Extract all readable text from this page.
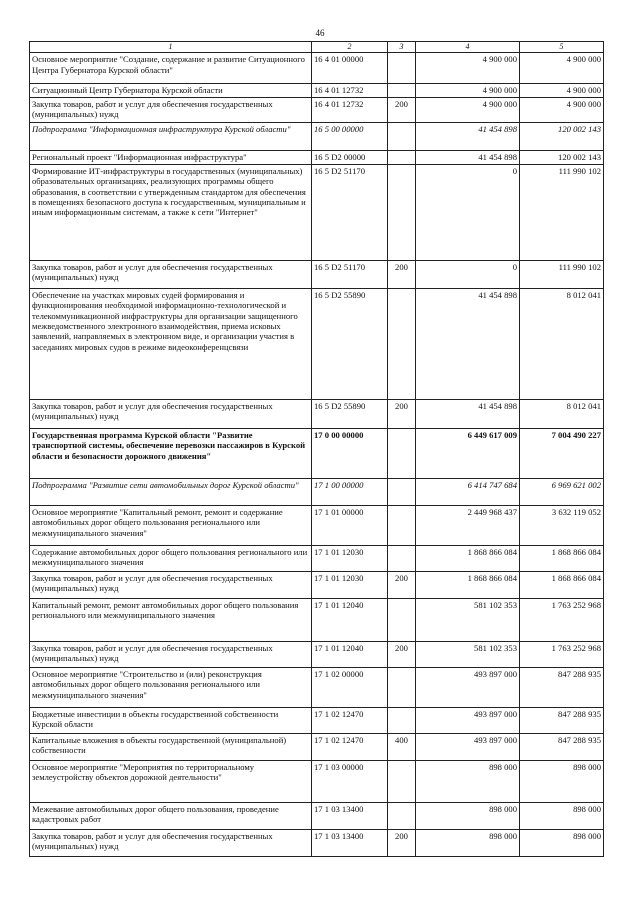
46
1	2	3	4	5
Основное мероприятие "Создание, содержание и развитие Ситуационного Центра Губернатора Курской области"	16 4 01 00000		4 900 000	4 900 000
Ситуационный Центр Губернатора Курской области	16 4 01 12732		4 900 000	4 900 000
Закупка товаров, работ и услуг для обеспечения государственных (муниципальных) нужд	16 4 01 12732	200	4 900 000	4 900 000
Подпрограмма "Информационная инфраструктура Курской области"	16 5 00 00000		41 454 898	120 002 143
Региональный проект "Информационная инфраструктура"	16 5 D2 00000		41 454 898	120 002 143
Формирование ИТ-инфраструктуры в государственных (муниципальных) образовательных организациях, реализующих программы общего образования, в соответствии с утвержденным стандартом для обеспечения в помещениях безопасного доступа к государственным, муниципальным и иным информационным системам, а также к сети "Интернет"	16 5 D2 51170		0	111 990 102
Закупка товаров, работ и услуг для обеспечения государственных (муниципальных) нужд	16 5 D2 51170	200	0	111 990 102
Обеспечение на участках мировых судей формирования и функционирования необходимой информационно-технологической и телекоммуникационной инфраструктуры для организации защищенного межведомственного электронного взаимодействия, приема исковых заявлений, направляемых в электронном виде, и организации участия в заседаниях мировых судов в режиме видеоконференцсвязи	16 5 D2 55890		41 454 898	8 012 041
Закупка товаров, работ и услуг для обеспечения государственных (муниципальных) нужд	16 5 D2 55890	200	41 454 898	8 012 041
Государственная программа Курской области "Развитие транспортной системы, обеспечение перевозки пассажиров в Курской области и безопасности дорожного движения"	17 0 00 00000		6 449 617 009	7 004 490 227
Подпрограмма "Развитие сети автомобильных дорог Курской области"	17 1 00 00000		6 414 747 684	6 969 621 002
Основное мероприятие "Капитальный ремонт, ремонт и содержание автомобильных дорог общего пользования регионального или межмуниципального значения"	17 1 01 00000		2 449 968 437	3 632 119 052
Содержание автомобильных дорог общего пользования регионального или межмуниципального значения	17 1 01 12030		1 868 866 084	1 868 866 084
Закупка товаров, работ и услуг для обеспечения государственных (муниципальных) нужд	17 1 01 12030	200	1 868 866 084	1 868 866 084
Капитальный ремонт, ремонт автомобильных дорог общего пользования регионального или межмуниципального значения	17 1 01 12040		581 102 353	1 763 252 968
Закупка товаров, работ и услуг для обеспечения государственных (муниципальных) нужд	17 1 01 12040	200	581 102 353	1 763 252 968
Основное мероприятие "Строительство и (или) реконструкция автомобильных дорог общего пользования регионального или межмуниципального значения"	17 1 02 00000		493 897 000	847 288 935
Бюджетные инвестиции в объекты государственной собственности Курской области	17 1 02 12470		493 897 000	847 288 935
Капитальные вложения в объекты государственной (муниципальной) собственности	17 1 02 12470	400	493 897 000	847 288 935
Основное мероприятие "Мероприятия по территориальному землеустройству объектов дорожной деятельности"	17 1 03 00000		898 000	898 000
Межевание автомобильных дорог общего пользования, проведение кадастровых работ	17 1 03 13400		898 000	898 000
Закупка товаров, работ и услуг для обеспечения государственных (муниципальных) нужд	17 1 03 13400	200	898 000	898 000
